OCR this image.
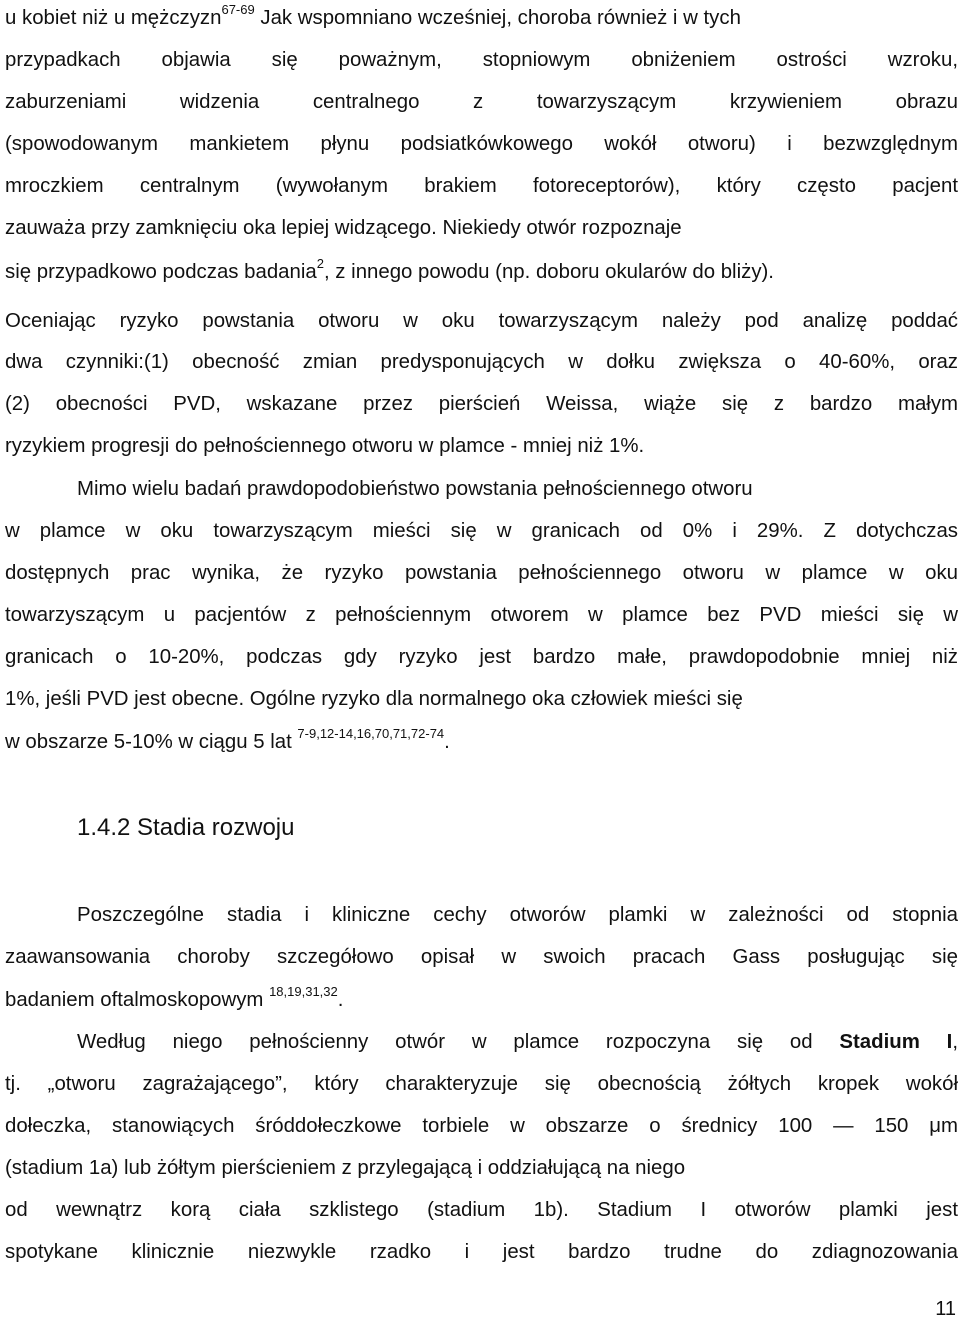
u kobiet niż u mężczyzn$^{67-69}$ Jak wspomniano wcześniej, choroba również i w tych
przypadkach objawia się poważnym, stopniowym obniżeniem ostrości wzroku,
zaburzeniami widzenia centralnego z towarzyszącym krzywieniem obrazu
(spowodowanym mankietem płynu podsiatkówkowego wokół otworu) i bezwzględnym
mroczkiem centralnym (wywołanym brakiem fotoreceptorów), który często pacjent
zauważa przy zamknięciu oka lepiej widzącego. Niekiedy otwór rozpoznaje
się przypadkowo podczas badania$^2$, z innego powodu (np. doboru okularów do bliży).
Oceniając ryzyko powstania otworu w oku towarzyszącym należy pod analizę poddać
dwa czynniki:(1) obecność zmian predysponujących w dołku zwiększa o 40-60%, oraz
(2) obecności PVD, wskazane przez pierścień Weissa, wiąże się z bardzo małym
ryzykiem progresji do pełnościennego otworu w plamce - mniej niż 1%.
Mimo wielu badań prawdopodobieństwo powstania pełnościennego otworu
w plamce w oku towarzyszącym mieści się w granicach od 0% i 29%. Z dotychczas
dostępnych prac wynika, że ryzyko powstania pełnościennego otworu w plamce w oku
towarzyszącym u pacjentów z pełnościennym otworem w plamce bez PVD mieści się w
granicach o 10-20%, podczas gdy ryzyko jest bardzo małe, prawdopodobnie mniej niż
1%, jeśli PVD jest obecne. Ogólne ryzyko dla normalnego oka człowiek mieści się
w obszarze 5-10% w ciągu 5 lat $^{7-9,12-14,16,70,71,72-74}$.
1.4.2 Stadia rozwoju
Poszczególne stadia i kliniczne cechy otworów plamki w zależności od stopnia
zaawansowania choroby szczegółowo opisał w swoich pracach Gass posługując się
badaniem oftalmoskopowym $^{18,19,31,32}$.
Według niego pełnościenny otwór w plamce rozpoczyna się od Stadium I,
tj. „otworu zagrażającego”, który charakteryzuje się obecnością żółtych kropek wokół
dołeczka, stanowiących śróddołeczkowe torbiele w obszarze o średnicy 100 — 150 μm
(stadium 1a) lub żółtym pierścieniem z przylegającą i oddziałującą na niego
od wewnątrz korą ciała szklistego (stadium 1b). Stadium I otworów plamki jest
spotykane klinicznie niezwykle rzadko i jest bardzo trudne do zdiagnozowania
11
